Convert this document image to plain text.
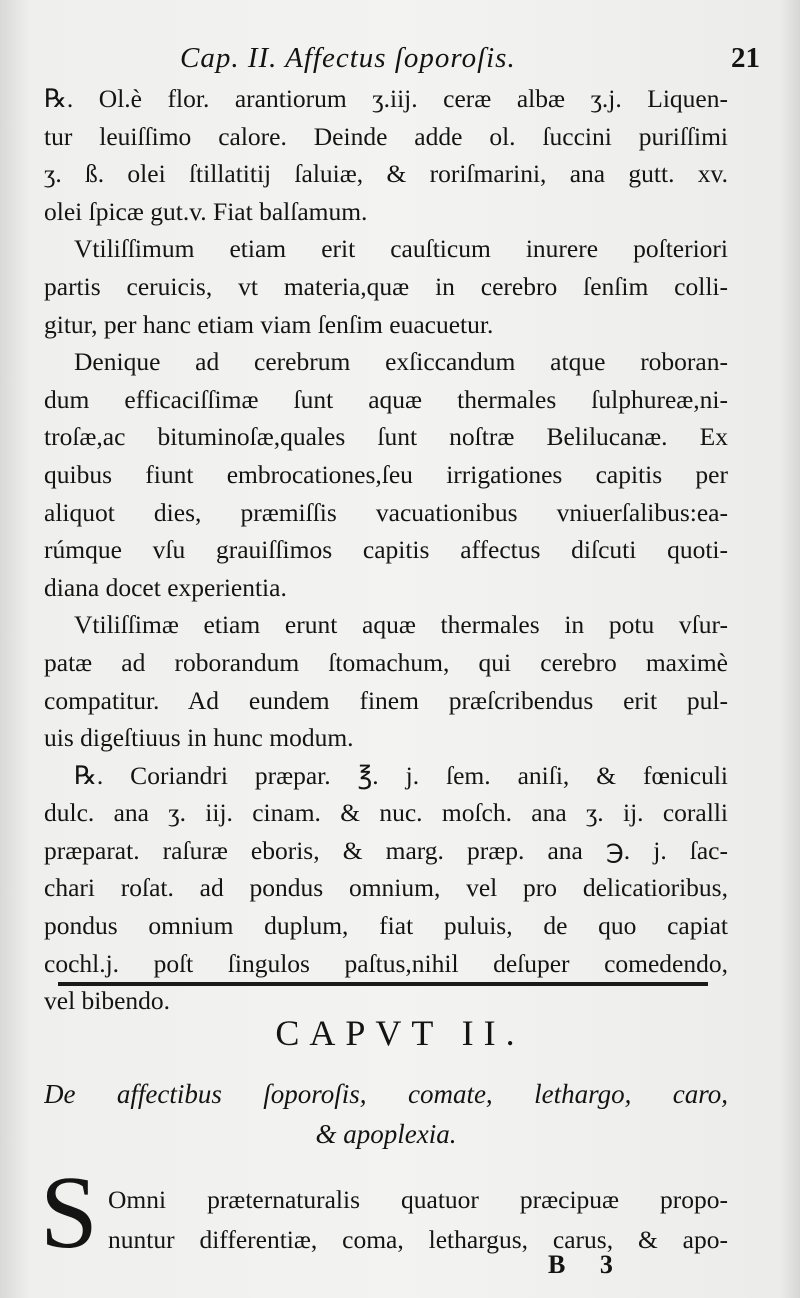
Cap. II. Affectus ſoporoſis.	21
℞. Ol.è flor. arantiorum ʒ.iij. ceræ albæ ʒ.j. Liquen-
tur leuiſſimo calore. Deinde adde ol. ſuccini puriſſimi
ʒ. ß. olei ſtillatitij ſaluiæ, & roriſmarini, ana gutt. xv.
olei ſpicæ gut.v. Fiat balſamum.
Vtiliſſimum etiam erit cauſticum inurere poſteriori
partis ceruicis, vt materia,quæ in cerebro ſenſim colli-
gitur, per hanc etiam viam ſenſim euacuetur.
Denique ad cerebrum exſiccandum atque roboran-
dum efficaciſſimæ ſunt aquæ thermales ſulphureæ,ni-
troſæ,ac bituminoſæ,quales ſunt noſtræ Belilucanæ. Ex
quibus fiunt embrocationes,ſeu irrigationes capitis per
aliquot dies, præmiſſis vacuationibus vniuerſalibus:ea-
rúmque vſu grauiſſimos capitis affectus diſcuti quoti-
diana docet experientia.
Vtiliſſimæ etiam erunt aquæ thermales in potu vſur-
patæ ad roborandum ſtomachum, qui cerebro maximè
compatitur. Ad eundem finem præſcribendus erit pul-
uis digeſtiuus in hunc modum.
℞. Coriandri præpar. ℥. j. ſem. aniſi, & fœniculi
dulc. ana ʒ. iij. cinam. & nuc. moſch. ana ʒ. ij. coralli
præparat. raſuræ eboris, & marg. præp. ana ℈. j. ſac-
chari roſat. ad pondus omnium, vel pro delicatioribus,
pondus omnium duplum, fiat puluis, de quo capiat
cochl.j. poſt ſingulos paſtus,nihil deſuper comedendo,
vel bibendo.
CAPVT II.
De affectibus ſoporoſis, comate, lethargo, caro,
& apoplexia.
S Omni præternaturalis quatuor præcipuæ propo-
nuntur differentiæ, coma, lethargus, carus, & apo-
B 3
